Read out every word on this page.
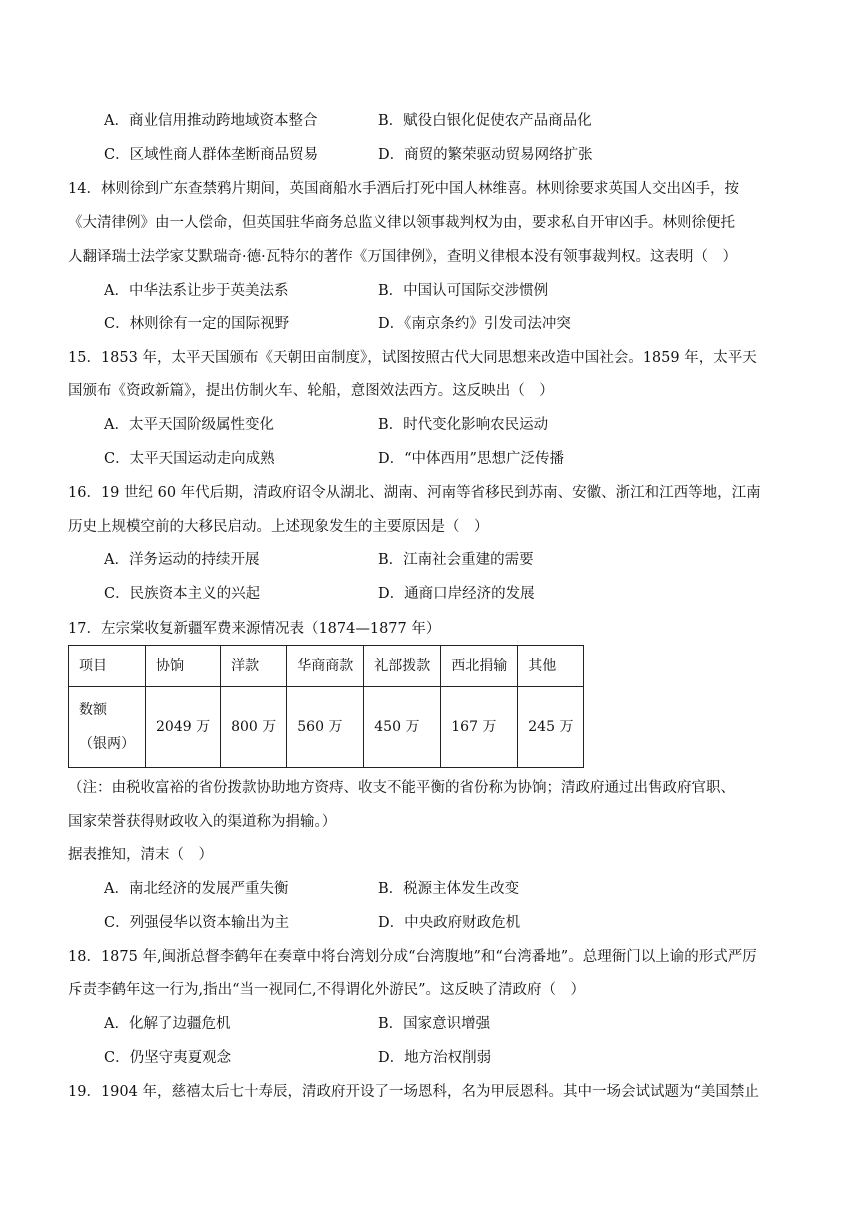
A．商业信用推动跨地域资本整合	B．赋役白银化促使农产品商品化
C．区域性商人群体垄断商品贸易	D．商贸的繁荣驱动贸易网络扩张
14．林则徐到广东查禁鸦片期间，英国商船水手酒后打死中国人林维喜。林则徐要求英国人交出凶手，按
《大清律例》由一人偿命，但英国驻华商务总监义律以领事裁判权为由，要求私自开审凶手。林则徐便托
人翻译瑞士法学家艾默瑞奇·德·瓦特尔的著作《万国律例》，查明义律根本没有领事裁判权。这表明（　）
A．中华法系让步于英美法系	B．中国认可国际交涉惯例
C．林则徐有一定的国际视野	D．《南京条约》引发司法冲突
15．1853 年，太平天国颁布《天朝田亩制度》，试图按照古代大同思想来改造中国社会。1859 年，太平天
国颁布《资政新篇》，提出仿制火车、轮船，意图效法西方。这反映出（　）
A．太平天国阶级属性变化	B．时代变化影响农民运动
C．太平天国运动走向成熟	D．“中体西用”思想广泛传播
16．19 世纪 60 年代后期，清政府诏令从湖北、湖南、河南等省移民到苏南、安徽、浙江和江西等地，江南
历史上规模空前的大移民启动。上述现象发生的主要原因是（　）
A．洋务运动的持续开展	B．江南社会重建的需要
C．民族资本主义的兴起	D．通商口岸经济的发展
17．左宗棠收复新疆军费来源情况表（1874—1877 年）
项目	协饷	洋款	华商商款	礼部拨款	西北捐输	其他

数额
（银两）	2049 万	800 万	560 万	450 万	167 万	245 万
（注：由税收富裕的省份拨款协助地方资痔、收支不能平衡的省份称为协饷；清政府通过出售政府官职、
国家荣誉获得财政收入的渠道称为捐输。）
据表推知，清末（　）
A．南北经济的发展严重失衡	B．税源主体发生改变
C．列强侵华以资本输出为主	D．中央政府财政危机
18．1875 年,闽浙总督李鹤年在奏章中将台湾划分成“台湾腹地”和“台湾番地”。总理衙门以上谕的形式严厉
斥责李鹤年这一行为,指出“当一视同仁,不得谓化外游民”。这反映了清政府（　）
A．化解了边疆危机	B．国家意识增强
C．仍坚守夷夏观念	D．地方治权削弱
19．1904 年，慈禧太后七十寿辰，清政府开设了一场恩科，名为甲辰恩科。其中一场会试试题为“美国禁止
